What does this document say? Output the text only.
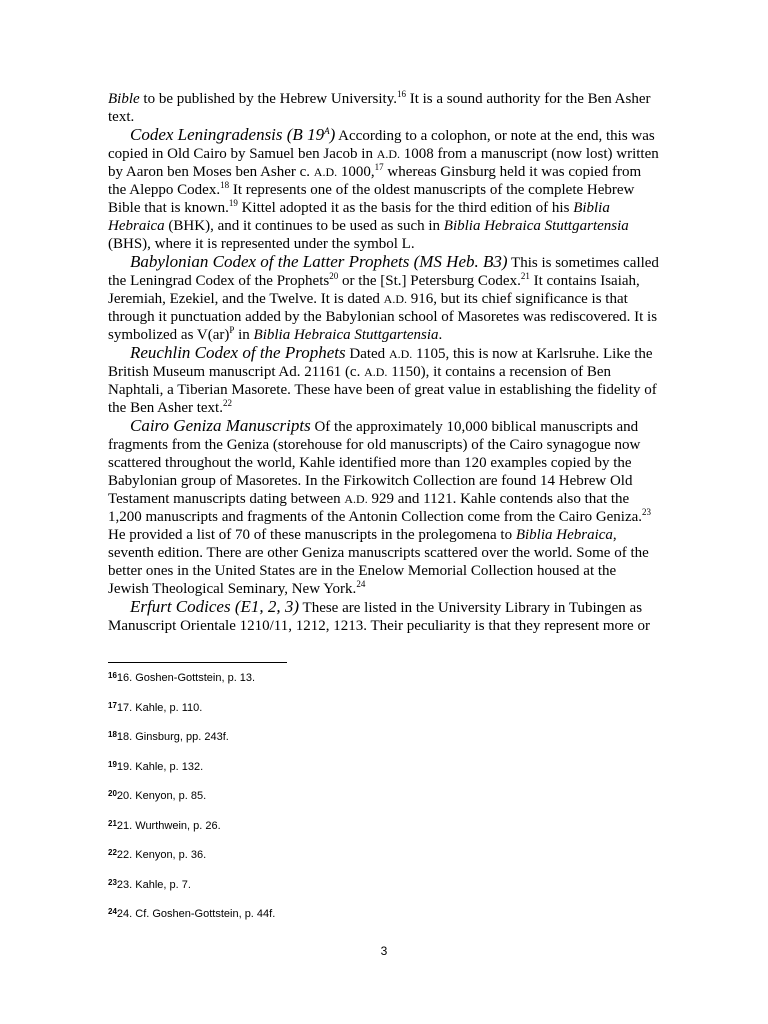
Bible to be published by the Hebrew University.$^{16}$ It is a sound authority for the Ben Asher text.

Codex Leningradensis (B $19^A$) According to a colophon, or note at the end, this was copied in Old Cairo by Samuel ben Jacob in A.D. 1008 from a manuscript (now lost) written by Aaron ben Moses ben Asher c. A.D. 1000,17 whereas Ginsburg held it was copied from the Aleppo Codex.$^{18}$ It represents one of the oldest manuscripts of the complete Hebrew Bible that is known.$^{19}$ Kittel adopted it as the basis for the third edition of his Biblia Hebraica (BHK), and it continues to be used as such in Biblia Hebraica Stuttgartensia (BHS), where it is represented under the symbol L.

Babylonian Codex of the Latter Prophets (MS Heb. B3) This is sometimes called the Leningrad Codex of the Prophets$^{20}$ or the [St.] Petersburg Codex.$^{21}$ It contains Isaiah, Jeremiah, Ezekiel, and the Twelve. It is dated A.D. 916, but its chief significance is that through it punctuation added by the Babylonian school of Masoretes was rediscovered. It is symbolized as V(ar)$^P$ in Biblia Hebraica Stuttgartensia.

Reuchlin Codex of the Prophets Dated A.D. 1105, this is now at Karlsruhe. Like the British Museum manuscript Ad. 21161 (c. A.D. 1150), it contains a recension of Ben Naphtali, a Tiberian Masorete. These have been of great value in establishing the fidelity of the Ben Asher text.$^{22}$

Cairo Geniza Manuscripts Of the approximately 10,000 biblical manuscripts and fragments from the Geniza (storehouse for old manuscripts) of the Cairo synagogue now scattered throughout the world, Kahle identified more than 120 examples copied by the Babylonian group of Masoretes. In the Firkowitch Collection are found 14 Hebrew Old Testament manuscripts dating between A.D. 929 and 1121. Kahle contends also that the 1,200 manuscripts and fragments of the Antonin Collection come from the Cairo Geniza.$^{23}$ He provided a list of 70 of these manuscripts in the prolegomena to Biblia Hebraica, seventh edition. There are other Geniza manuscripts scattered over the world. Some of the better ones in the United States are in the Enelow Memorial Collection housed at the Jewish Theological Seminary, New York.$^{24}$

Erfurt Codices (E1, 2, 3) These are listed in the University Library in Tubingen as Manuscript Orientale 1210/11, 1212, 1213. Their peculiarity is that they represent more or

$^{16}$16. Goshen-Gottstein, p. 13.
$^{17}$17. Kahle, p. 110.
$^{18}$18. Ginsburg, pp. 243f.
$^{19}$19. Kahle, p. 132.
$^{20}$20. Kenyon, p. 85.
$^{21}$21. Wurthwein, p. 26.
$^{22}$22. Kenyon, p. 36.
$^{23}$23. Kahle, p. 7.
$^{24}$24. Cf. Goshen-Gottstein, p. 44f.
3
